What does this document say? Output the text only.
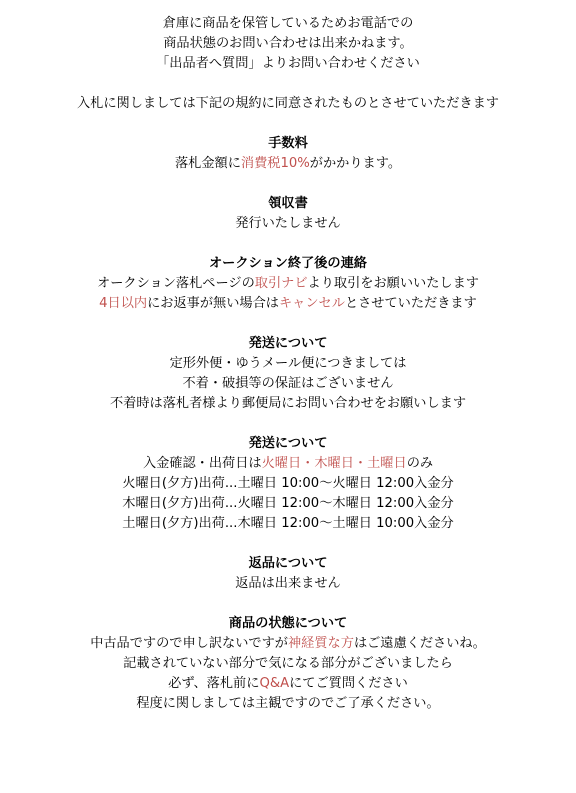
倉庫に商品を保管しているためお電話での
商品状態のお問い合わせは出来かねます。
「出品者へ質問」よりお問い合わせください
入札に関しましては下記の規約に同意されたものとさせていただきます
手数料
落札金額に消費税10%がかかります。
領収書
発行いたしません
オークション終了後の連絡
オークション落札ページの取引ナビより取引をお願いいたします
4日以内にお返事が無い場合はキャンセルとさせていただきます
発送について
定形外便・ゆうメール便につきましては
不着・破損等の保証はございません
不着時は落札者様より郵便局にお問い合わせをお願いします
発送について
入金確認・出荷日は火曜日・木曜日・土曜日のみ
火曜日(夕方)出荷...土曜日 10:00〜火曜日 12:00入金分
木曜日(夕方)出荷...火曜日 12:00〜木曜日 12:00入金分
土曜日(夕方)出荷...木曜日 12:00〜土曜日 10:00入金分
返品について
返品は出来ません
商品の状態について
中古品ですので申し訳ないですが神経質な方はご遠慮くださいね。
記載されていない部分で気になる部分がございましたら
必ず、落札前にQ&Aにてご質問ください
程度に関しましては主観ですのでご了承ください。
